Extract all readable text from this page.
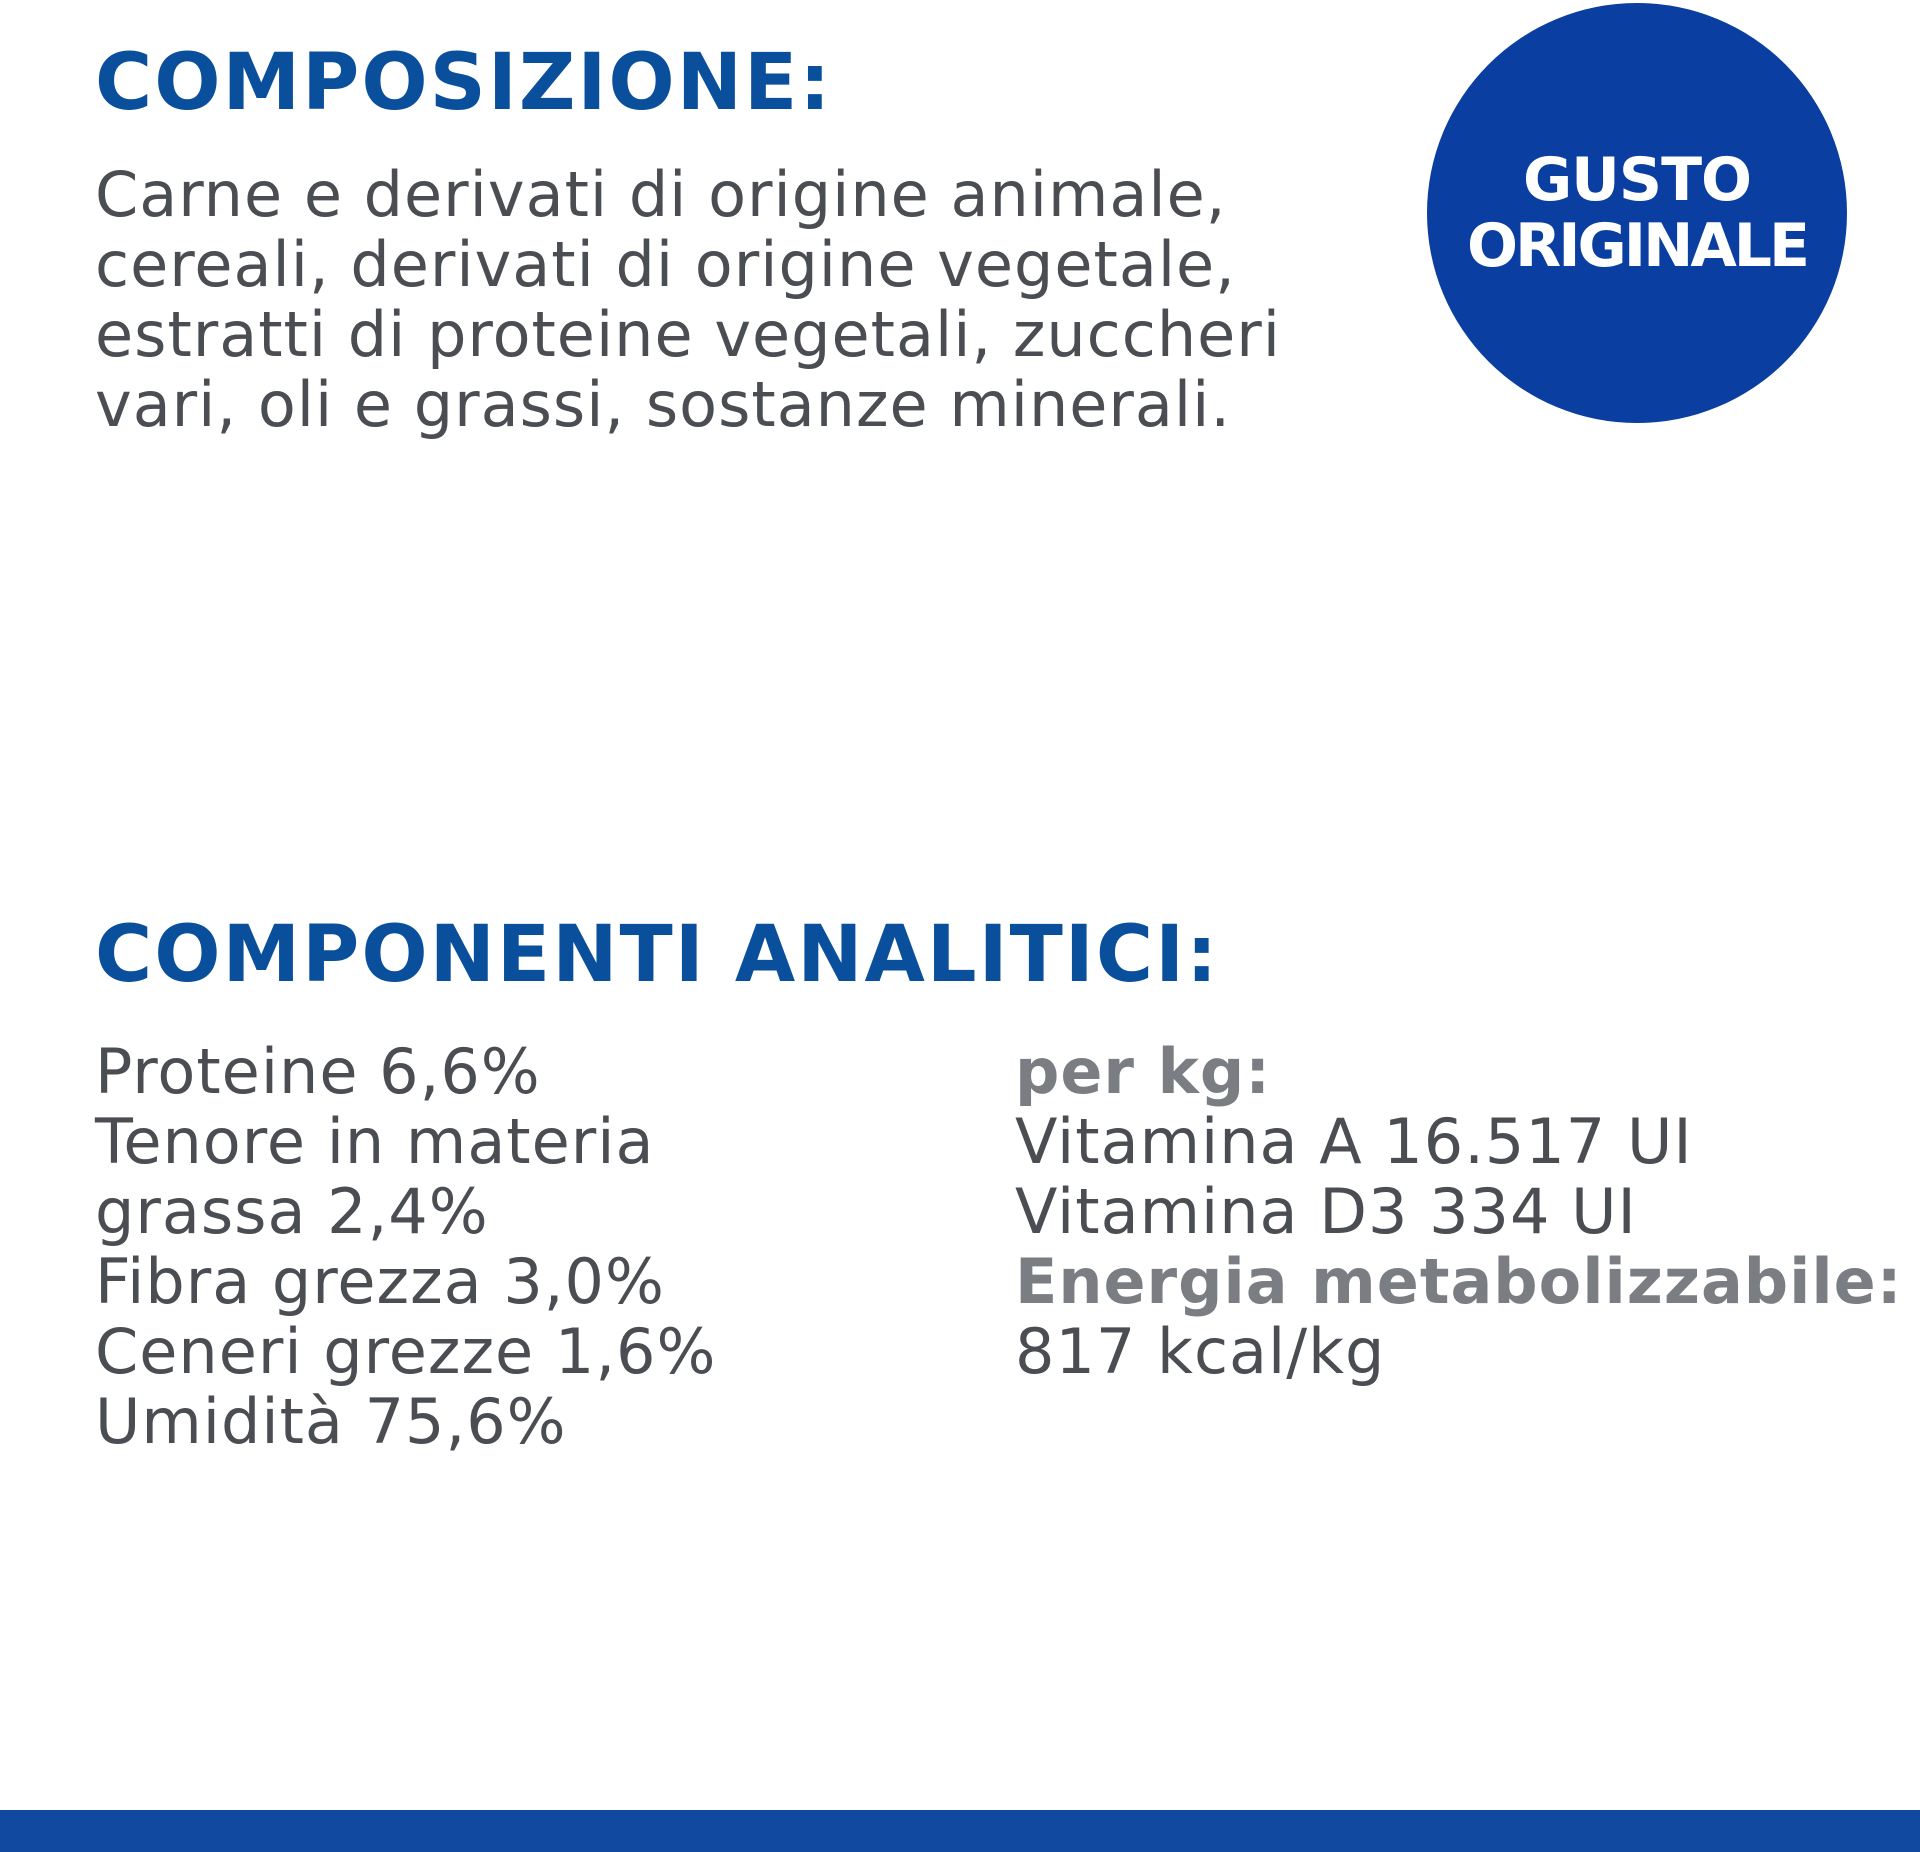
COMPOSIZIONE:

Carne e derivati di origine animale,
cereali, derivati di origine vegetale,
estratti di proteine vegetali, zuccheri
vari, oli e grassi, sostanze minerali.

GUSTO
ORIGINALE
COMPONENTI ANALITICI:
Proteine 6,6%
Tenore in materia
grassa 2,4%
Fibra grezza 3,0%
Ceneri grezze 1,6%
Umidità 75,6%
per kg:
Vitamina A 16.517 UI
Vitamina D3 334 UI
Energia metabolizzabile:
817 kcal/kg
